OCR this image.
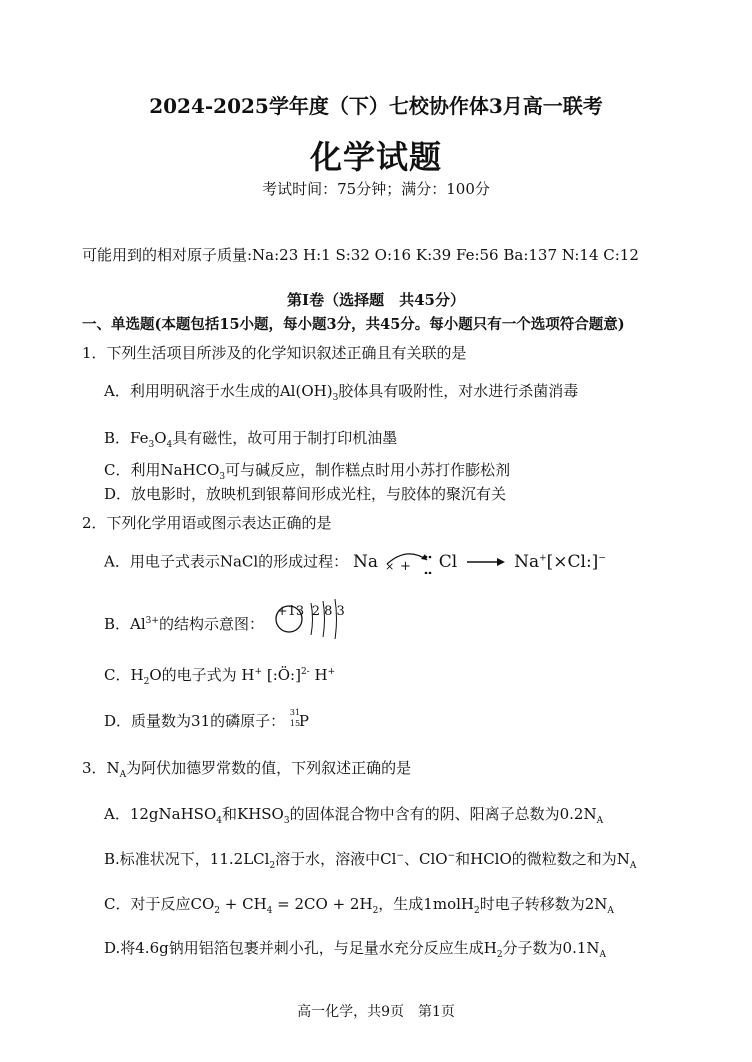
2024-2025学年度（下）七校协作体3月高一联考
化学试题
考试时间：75分钟；满分：100分
可能用到的相对原子质量:Na:23 H:1 S:32 O:16 K:39 Fe:56 Ba:137 N:14 C:12
第Ⅰ卷（选择题　共45分）
一、单选题(本题包括15小题，每小题3分，共45分。每小题只有一个选项符合题意)
1．下列生活项目所涉及的化学知识叙述正确且有关联的是
A．利用明矾溶于水生成的$Al(OH)_3$胶体具有吸附性，对水进行杀菌消毒
B．$Fe_3O_4$具有磁性，故可用于制打印机油墨
C．利用NaHCO$_3$可与碱反应，制作糕点时用小苏打作膨松剂
D．放电影时，放映机到银幕间形成光柱，与胶体的聚沉有关
2．下列化学用语或图示表达正确的是
A．用电子式表示NaCl的形成过程： Na × + Cl → Na+[×Cl:]−
B．$Al^{3+}$的结构示意图：
+13 2 8 3
C．$H_2O$的电子式为 H+ [:Ö:]$^{2-}$ H+
D．质量数为31的磷原子： 31
15
P
3．$N_A$为阿伏加德罗常数的值，下列叙述正确的是
A．12gNaHSO$_4$和$KHSO_3$的固体混合物中含有的阴、阳离子总数为$0.2N_A$
B.标准状况下，11.2LCl$_2$溶于水，溶液中Cl−、ClO−和HClO的微粒数之和为$N_A$
C．对于反应$CO_2 + CH_4 = 2CO + 2H_2$，生成1molH$_2$时电子转移数为$2N_A$
D.将4.6g钠用铝箔包裹并刺小孔，与足量水充分反应生成$H_2$分子数为$0.1N_A$
高一化学，共9页　第1页
